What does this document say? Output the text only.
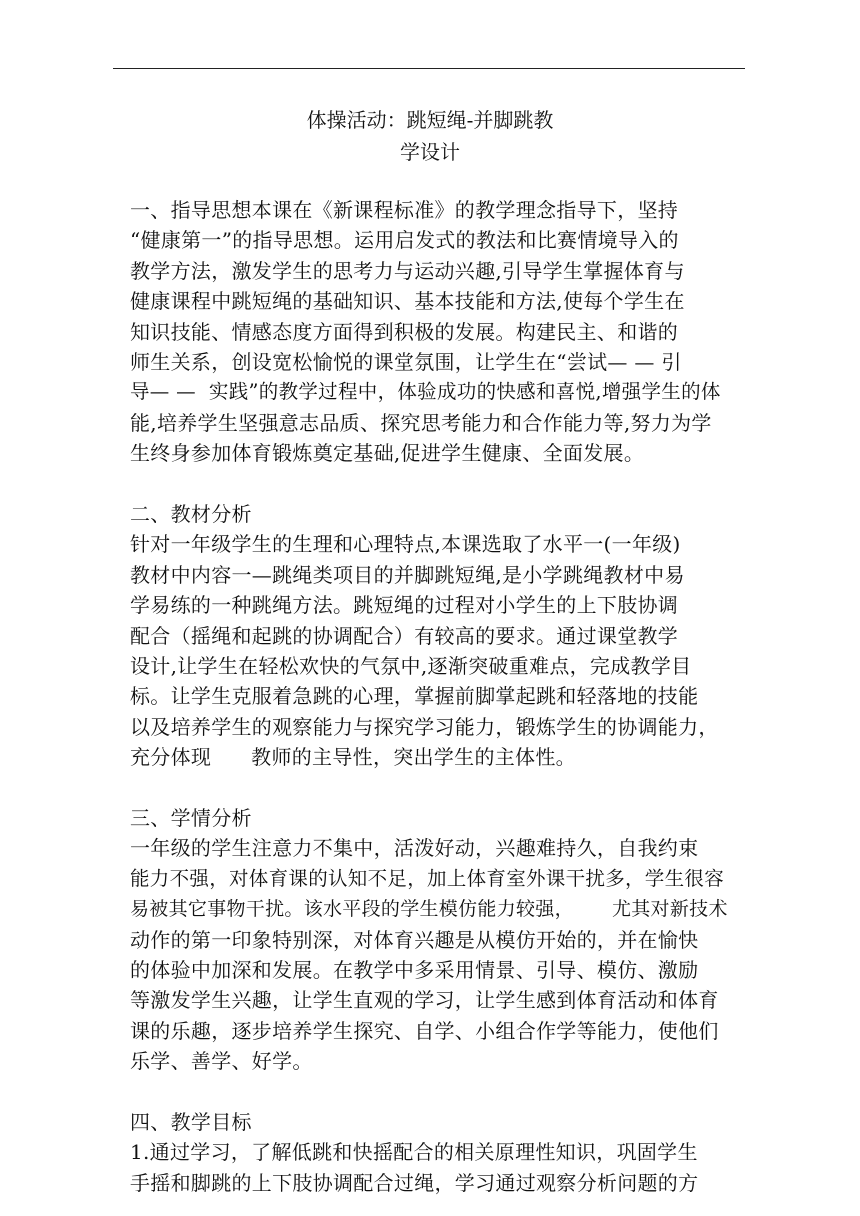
体操活动：跳短绳-并脚跳教
学设计
一、指导思想本课在《新课程标准》的教学理念指导下，坚持
“健康第一”的指导思想。运用启发式的教法和比赛情境导入的
教学方法，激发学生的思考力与运动兴趣,引导学生掌握体育与
健康课程中跳短绳的基础知识、基本技能和方法,使每个学生在
知识技能、情感态度方面得到积极的发展。构建民主、和谐的
师生关系，创设宽松愉悦的课堂氛围，让学生在“尝试— — 引
导— —  实践”的教学过程中，体验成功的快感和喜悦,增强学生的体
能,培养学生坚强意志品质、探究思考能力和合作能力等,努力为学
生终身参加体育锻炼奠定基础,促进学生健康、全面发展。
二、教材分析
针对一年级学生的生理和心理特点,本课选取了水平一(一年级)
教材中内容一—跳绳类项目的并脚跳短绳,是小学跳绳教材中易
学易练的一种跳绳方法。跳短绳的过程对小学生的上下肢协调
配合（摇绳和起跳的协调配合）有较高的要求。通过课堂教学
设计,让学生在轻松欢快的气氛中,逐渐突破重难点，完成教学目
标。让学生克服着急跳的心理，掌握前脚掌起跳和轻落地的技能
以及培养学生的观察能力与探究学习能力，锻炼学生的协调能力，
充分体现      教师的主导性，突出学生的主体性。
三、学情分析
一年级的学生注意力不集中，活泼好动，兴趣难持久，自我约束
能力不强，对体育课的认知不足，加上体育室外课干扰多，学生很容
易被其它事物干扰。该水平段的学生模仿能力较强，      尤其对新技术
动作的第一印象特别深，对体育兴趣是从模仿开始的，并在愉快
的体验中加深和发展。在教学中多采用情景、引导、模仿、激励
等激发学生兴趣，让学生直观的学习，让学生感到体育活动和体育
课的乐趣，逐步培养学生探究、自学、小组合作学等能力，使他们
乐学、善学、好学。
四、教学目标
1.通过学习，了解低跳和快摇配合的相关原理性知识，巩固学生
手摇和脚跳的上下肢协调配合过绳，学习通过观察分析问题的方
